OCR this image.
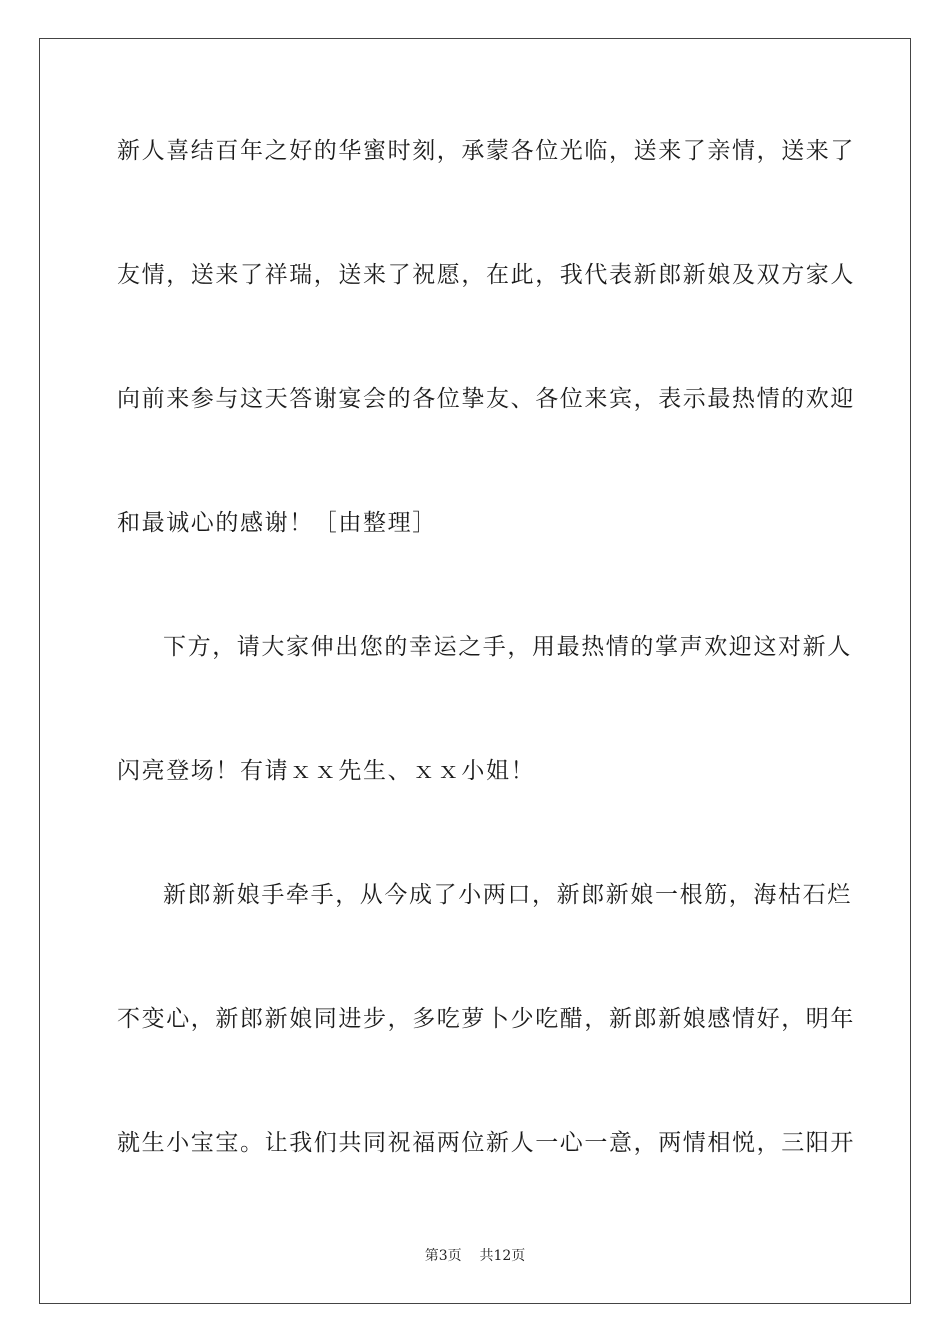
新人喜结百年之好的华蜜时刻，承蒙各位光临，送来了亲情，送来了
友情，送来了祥瑞，送来了祝愿，在此，我代表新郎新娘及双方家人
向前来参与这天答谢宴会的各位挚友、各位来宾，表示最热情的欢迎
和最诚心的感谢！［由整理］
下方，请大家伸出您的幸运之手，用最热情的掌声欢迎这对新人
闪亮登场！有请ｘｘ先生、ｘｘ小姐！
新郎新娘手牵手，从今成了小两口，新郎新娘一根筋，海枯石烂
不变心，新郎新娘同进步，多吃萝卜少吃醋，新郎新娘感情好，明年
就生小宝宝。让我们共同祝福两位新人一心一意，两情相悦，三阳开
第3页 共12页
